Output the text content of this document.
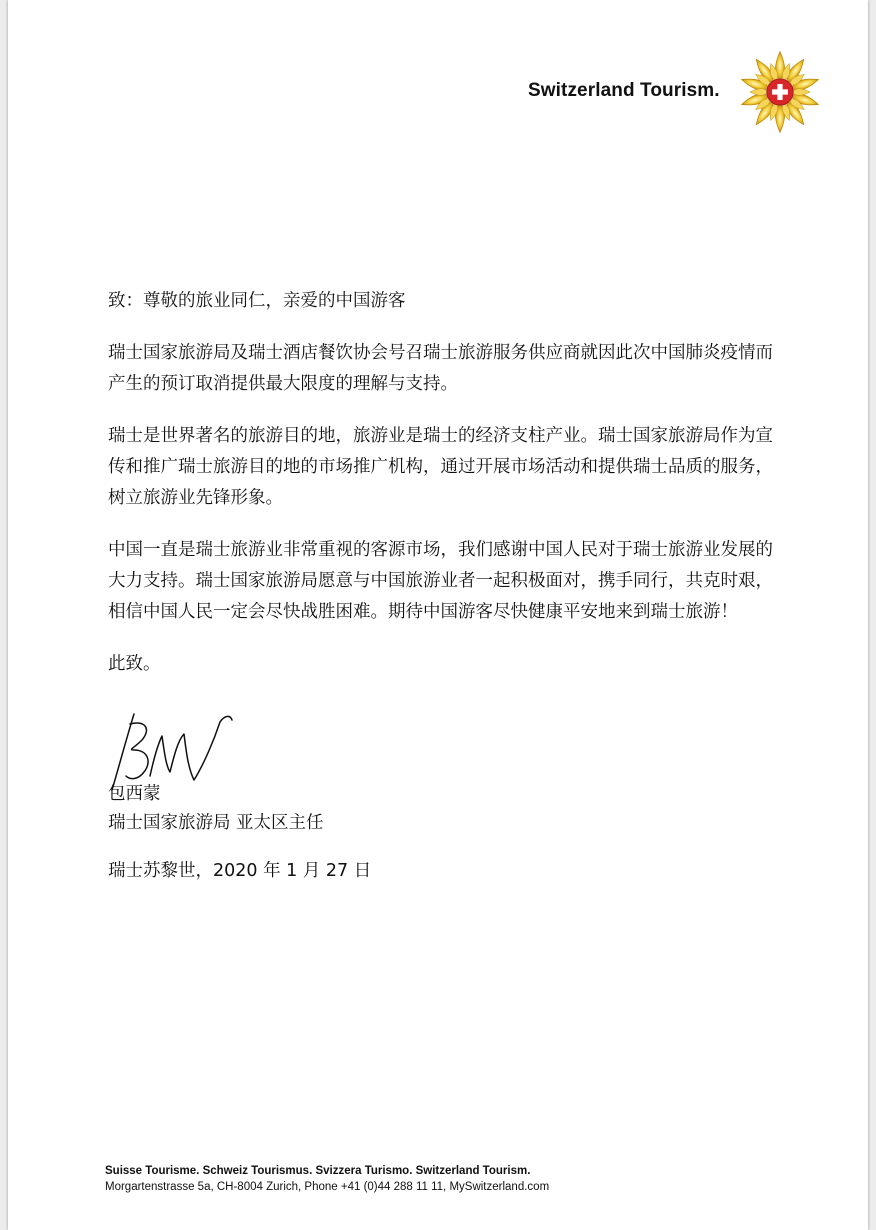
Switzerland Tourism.

致：尊敬的旅业同仁，亲爱的中国游客

瑞士国家旅游局及瑞士酒店餐饮协会号召瑞士旅游服务供应商就因此次中国肺炎疫情而产生的预订取消提供最大限度的理解与支持。

瑞士是世界著名的旅游目的地，旅游业是瑞士的经济支柱产业。瑞士国家旅游局作为宣传和推广瑞士旅游目的地的市场推广机构，通过开展市场活动和提供瑞士品质的服务，树立旅游业先锋形象。

中国一直是瑞士旅游业非常重视的客源市场，我们感谢中国人民对于瑞士旅游业发展的大力支持。瑞士国家旅游局愿意与中国旅游业者一起积极面对，携手同行，共克时艰，相信中国人民一定会尽快战胜困难。期待中国游客尽快健康平安地来到瑞士旅游！

此致。

包西蒙
瑞士国家旅游局 亚太区主任
瑞士苏黎世，2020 年 1 月 27 日
Suisse Tourisme. Schweiz Tourismus. Svizzera Turismo. Switzerland Tourism.
Morgartenstrasse 5a, CH-8004 Zurich, Phone +41 (0)44 288 11 11, MySwitzerland.com
